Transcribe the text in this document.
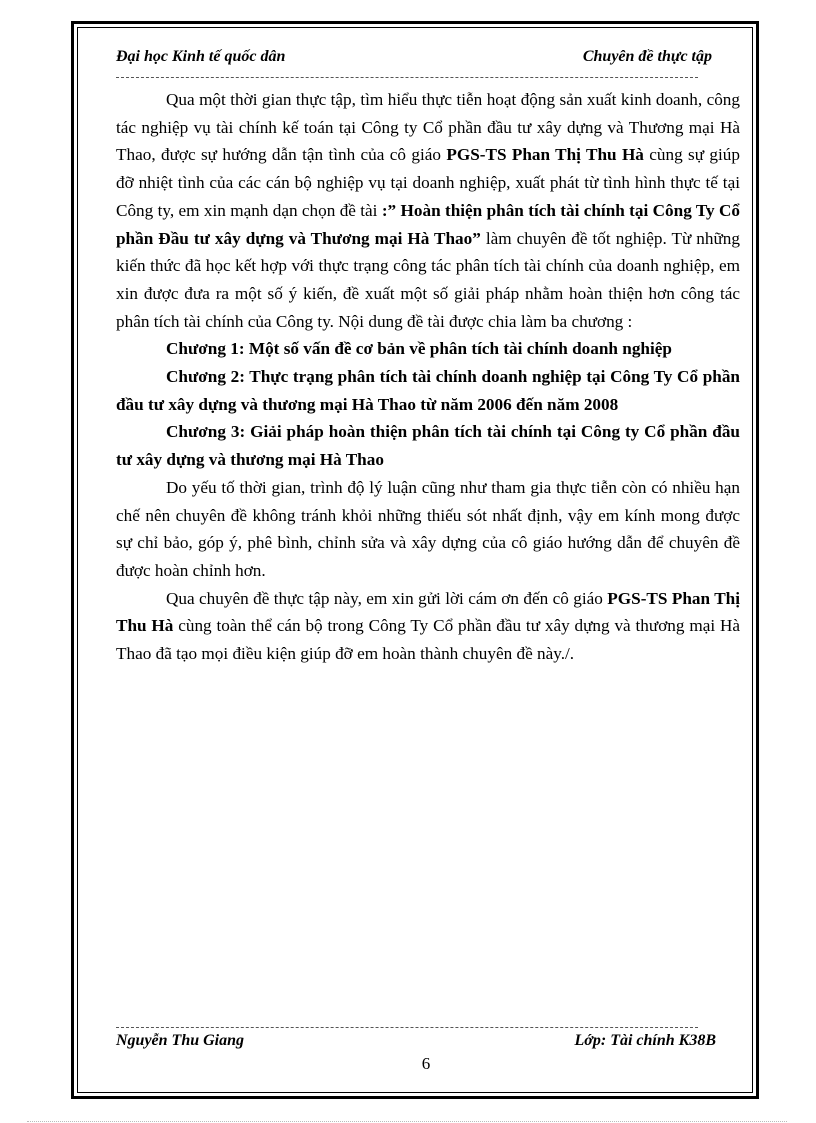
Đại học Kinh tế quốc dân	Chuyên đề thực tập

Qua một thời gian thực tập, tìm hiểu thực tiễn hoạt động sản xuất kinh doanh, công tác nghiệp vụ tài chính kế toán tại Công ty Cổ phần đầu tư xây dựng và Thương mại Hà Thao, được sự hướng dẫn tận tình của cô giáo PGS-TS Phan Thị Thu Hà cùng sự giúp đỡ nhiệt tình của các cán bộ nghiệp vụ tại doanh nghiệp, xuất phát từ tình hình thực tế tại Công ty, em xin mạnh dạn chọn đề tài :” Hoàn thiện phân tích tài chính tại Công Ty Cổ phần Đầu tư xây dựng và Thương mại Hà Thao” làm chuyên đề tốt nghiệp. Từ những kiến thức đã học kết hợp với thực trạng công tác phân tích tài chính của doanh nghiệp, em xin được đưa ra một số ý kiến, đề xuất một số giải pháp nhằm hoàn thiện hơn công tác phân tích tài chính của Công ty. Nội dung đề tài được chia làm ba chương :

Chương 1: Một số vấn đề cơ bản về phân tích tài chính doanh nghiệp

Chương 2: Thực trạng phân tích tài chính doanh nghiệp tại Công Ty Cổ phần đầu tư xây dựng và thương mại Hà Thao từ năm 2006 đến năm 2008

Chương 3: Giải pháp hoàn thiện phân tích tài chính tại Công ty Cổ phần đầu tư xây dựng và thương mại Hà Thao

Do yếu tố thời gian, trình độ lý luận cũng như tham gia thực tiễn còn có nhiều hạn chế nên chuyên đề không tránh khỏi những thiếu sót nhất định, vậy em kính mong được sự chỉ bảo, góp ý, phê bình, chỉnh sửa và xây dựng của cô giáo hướng dẫn để chuyên đề được hoàn chỉnh hơn.

Qua chuyên đề thực tập này, em xin gửi lời cám ơn đến cô giáo PGS-TS Phan Thị Thu Hà cùng toàn thể cán bộ trong Công Ty Cổ phần đầu tư xây dựng và thương mại Hà Thao đã tạo mọi điều kiện giúp đỡ em hoàn thành chuyên đề này./.

Nguyễn Thu Giang	Lớp: Tài chính K38B
6
